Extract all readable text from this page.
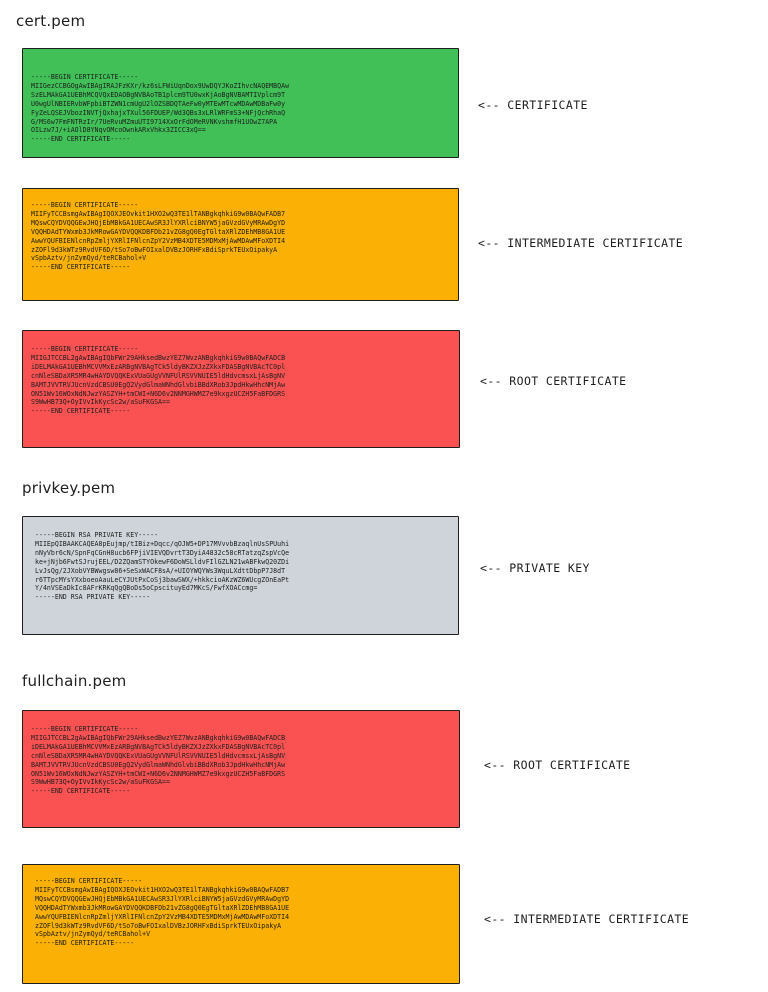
cert.pem
-----BEGIN CERTIFICATE-----
MIIGezCCBGOgAwIBAgIRAJFzKXr/kz6sLFWiUqnDox9UwDQYJKoZIhvcNAQEMBQAw
SzELMAkGA1UEBhMCQVQxEDAOBgNVBAoTB1plcm9TU0wxKjAoBgNVBAMTIVplcm9T
U0wgUlNBIERvbWFpbiBTZWN1cmUgU2lOZSBDQTAeFw0yMTEwMTcwMDAwMDBaFw0y
FyZeLQSEJVbozINVTjQxhajxTXul56FDUEP/Wd3QBs3xLRlWRFmS3+NFjQchRhaQ
G/MS6w7FmFNTRzIr/7UeRvuMZmuUTI9714XxOrFdOMeRVNKvshmfH1UOwZ7APA
OILzw7J/+iAOlD8YNqvOMcoOwnkARxVhkx3ZICC3xQ==
-----END CERTIFICATE-----
<-- CERTIFICATE
-----BEGIN CERTIFICATE-----
MIIFyTCCBsmgAwIBAgIQOXJEOvkit1HXO2wQ3TE1lTANBgkqhkiG9w0BAQwFADB7
MQswCQYDVQQGEwJHQjEbMBkGA1UECAwSR3JlYXRlciBNYW5jaGVzdGVyMRAwDgYD
VQQHDAdTYWxmb3JkMRowGAYDVQQKDBFDb21vZG8gQ0EgTGltaXRlZDEhMB8GA1UE
AwwYQUFBIENlcnRpZmljYXRlIFNlcnZpY2VzMB4XDTE5MDMxMjAwMDAwMFoXDTI4
zZOFl9d3kWTz9RvdVF6D/tSo7oBwFOIxalDVBzJORHFxBdiSprkTEUxOipakyA
vSpbAztv/jnZymQyd/teRCBahol+V
-----END CERTIFICATE-----
<-- INTERMEDIATE CERTIFICATE
-----BEGIN CERTIFICATE-----
MIIGJTCCBL2gAwIBAgIQbFWr29AHksedBwzYEZ7WvzANBgkqhkiG9w0BAQwFADCB
iDELMAkGA1UEBhMCVVMxEzARBgNVBAgTCk5ldyBKZXJzZXkxFDASBgNVBAcTC0pl
cnNleSBDaXR5MR4wHAYDVQQKExVUaGUgVVNFUlRSVVNUIE5ldHdvcmsxLjAsBgNV
BAMTJVVTRVJUcnVzdCBSU0EgQ2VydGlmaWNhdGlvbiBBdXRob3JpdHkwHhcNMjAw
ON51Wv16WOxNdNJwzYASZYH+tmCWI+N6D6v2NNMGHWMZ7e9kxgzUCZH5FaBFDGRS
S9WwHB73Q+OyIVvIkKycSc2w/aSuFKGSA==
-----END CERTIFICATE-----
<-- ROOT CERTIFICATE
privkey.pem
-----BEGIN RSA PRIVATE KEY-----
MIIEpQIBAAKCAQEA8pEujmp/tIBiz+Dqcc/qOJW5+DP17MVvvbBzaqlnUsSPUuhi
nNyVbr6cN/SpnFqCGnH8ucb6FPjiVIEVQDvrtT3DyiA4832c58cRTatzqZspVcQe
ke+jNjb6FwtSJrujEEL/D2ZQamSTYOkewF6DoWSLldvFIlGZLN21wABFkwQ20ZDi
LvJsQg/2JXobVYBWwgsw86+SeSxWACF8sA/+UIOYWQYWs3WquLXdttDbpP7J8dT
r6TTpcMYsYXxboeoAauLeCYJUtPxCoSj3bawSWX/+hkkcioAKzWZ6WUcgZOnEaPt
Y/4nVSEaDkIc8AFrKRKqQgQBoDs5oCpscituyEd7MKcS/FwfXOACcmg=
-----END RSA PRIVATE KEY-----
<-- PRIVATE KEY
fullchain.pem
-----BEGIN CERTIFICATE-----
MIIGJTCCBL2gAwIBAgIQbFWr29AHksedBwzYEZ7WvzANBgkqhkiG9w0BAQwFADCB
iDELMAkGA1UEBhMCVVMxEzARBgNVBAgTCk5ldyBKZXJzZXkxFDASBgNVBAcTC0pl
cnNleSBDaXR5MR4wHAYDVQQKExVUaGUgVVNFUlRSVVNUIE5ldHdvcmsxLjAsBgNV
BAMTJVVTRVJUcnVzdCBSU0EgQ2VydGlmaWNhdGlvbiBBdXRob3JpdHkwHhcNMjAw
ON51Wv16WOxNdNJwzYASZYH+tmCWI+N6D6v2NNMGHWMZ7e9kxgzUCZH5FaBFDGRS
S9WwHB73Q+OyIVvIkKycSc2w/aSuFKGSA==
-----END CERTIFICATE-----
<-- ROOT CERTIFICATE
-----BEGIN CERTIFICATE-----
MIIFyTCCBsmgAwIBAgIQOXJEOvkit1HXO2wQ3TE1lTANBgkqhkiG9w0BAQwFADB7
MQswCQYDVQQGEwJHQjEbMBkGA1UECAwSR3JlYXRlciBNYW5jaGVzdGVyMRAwDgYD
VQQHDAdTYWxmb3JkMRowGAYDVQQKDBFDb21vZG8gQ0EgTGltaXRlZDEhMB8GA1UE
AwwYQUFBIENlcnRpZmljYXRlIFNlcnZpY2VzMB4XDTE5MDMxMjAwMDAwMFoXDTI4
zZOFl9d3kWTz9RvdVF6D/tSo7oBwFOIxalDVBzJORHFxBdiSprkTEUxOipakyA
vSpbAztv/jnZymQyd/teRCBahol+V
-----END CERTIFICATE-----
<-- INTERMEDIATE CERTIFICATE
